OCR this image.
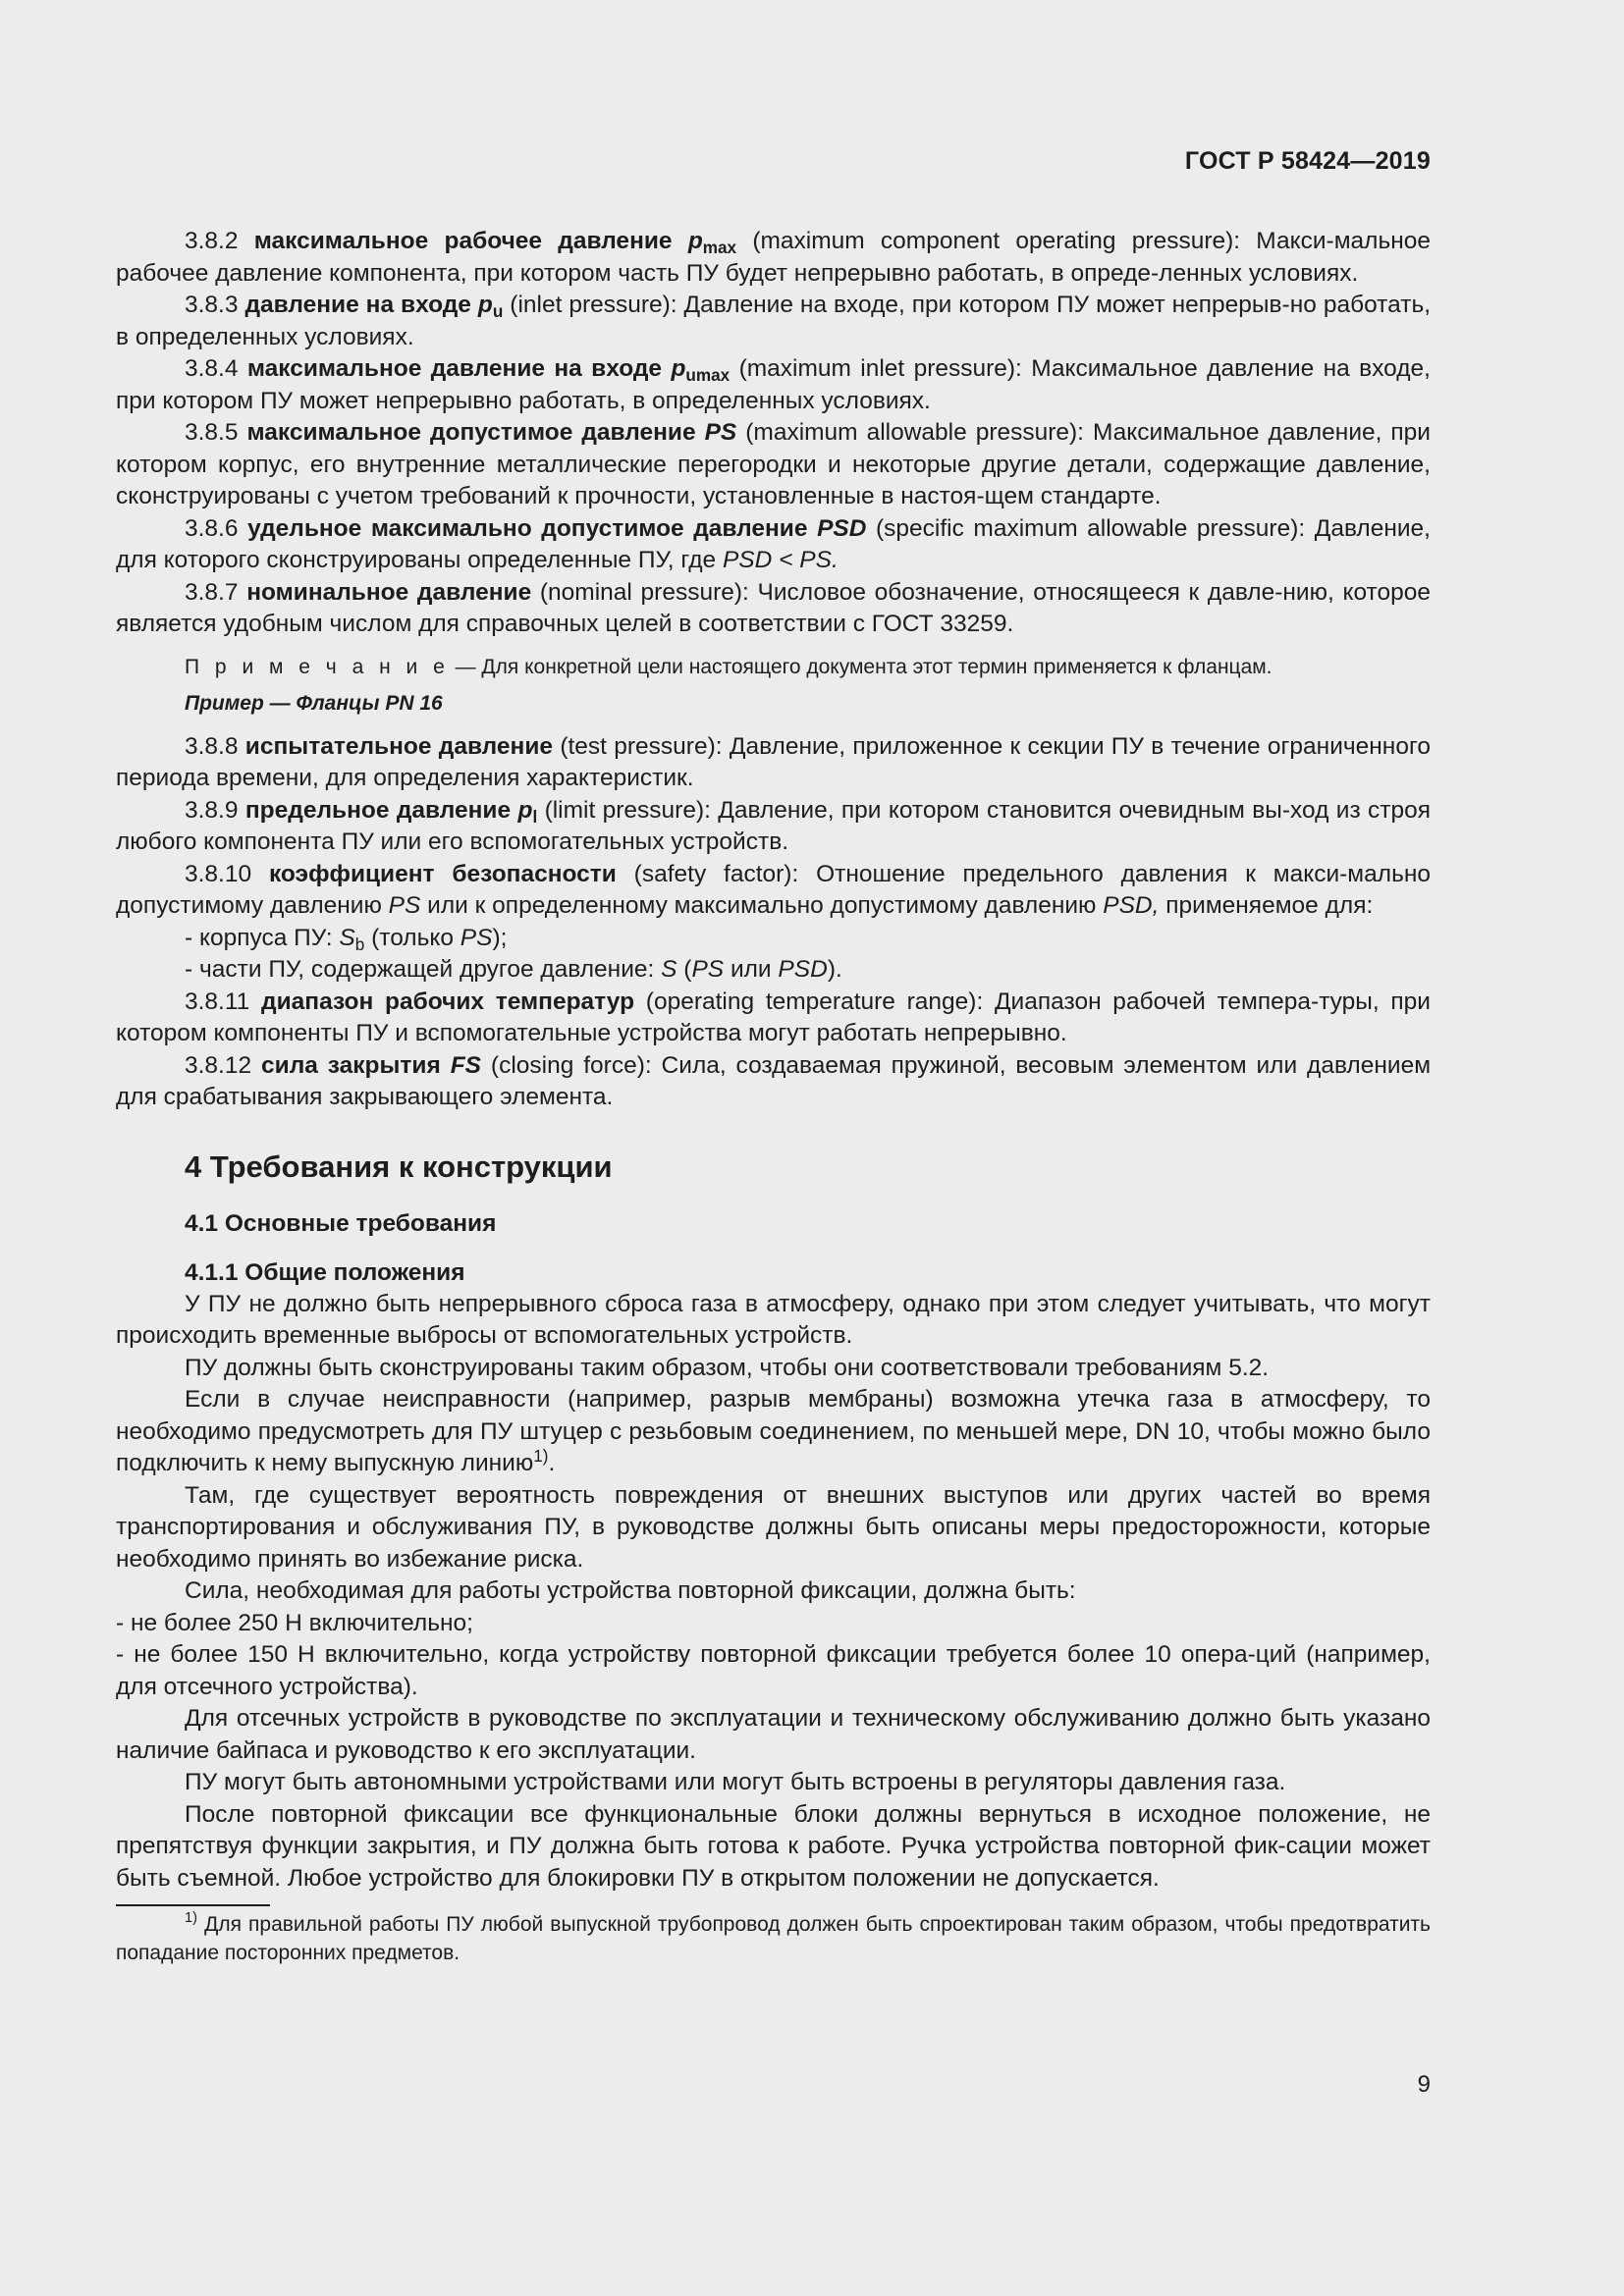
ГОСТ Р 58424—2019

3.8.2 максимальное рабочее давление $p_{max}$ (maximum component operating pressure): Макси-мальное рабочее давление компонента, при котором часть ПУ будет непрерывно работать, в опреде-ленных условиях.

3.8.3 давление на входе $p_u$ (inlet pressure): Давление на входе, при котором ПУ может непрерыв-но работать, в определенных условиях.

3.8.4 максимальное давление на входе $p_{umax}$ (maximum inlet pressure): Максимальное давление на входе, при котором ПУ может непрерывно работать, в определенных условиях.

3.8.5 максимальное допустимое давление PS (maximum allowable pressure): Максимальное давление, при котором корпус, его внутренние металлические перегородки и некоторые другие детали, содержащие давление, сконструированы с учетом требований к прочности, установленные в настоя-щем стандарте.

3.8.6 удельное максимально допустимое давление PSD (specific maximum allowable pressure): Давление, для которого сконструированы определенные ПУ, где PSD < PS.

3.8.7 номинальное давление (nominal pressure): Числовое обозначение, относящееся к давле-нию, которое является удобным числом для справочных целей в соответствии с ГОСТ 33259.

П р и м е ч а н и е — Для конкретной цели настоящего документа этот термин применяется к фланцам.
Пример — Фланцы PN 16

3.8.8 испытательное давление (test pressure): Давление, приложенное к секции ПУ в течение ограниченного периода времени, для определения характеристик.

3.8.9 предельное давление $p_l$ (limit pressure): Давление, при котором становится очевидным вы-ход из строя любого компонента ПУ или его вспомогательных устройств.

3.8.10 коэффициент безопасности (safety factor): Отношение предельного давления к макси-мально допустимому давлению PS или к определенному максимально допустимому давлению PSD, применяемое для:

- корпуса ПУ: $S_b$ (только PS);

- части ПУ, содержащей другое давление: S (PS или PSD).

3.8.11 диапазон рабочих температур (operating temperature range): Диапазон рабочей темпера-туры, при котором компоненты ПУ и вспомогательные устройства могут работать непрерывно.

3.8.12 сила закрытия FS (closing force): Сила, создаваемая пружиной, весовым элементом или давлением для срабатывания закрывающего элемента.

4 Требования к конструкции
4.1 Основные требования
4.1.1 Общие положения

У ПУ не должно быть непрерывного сброса газа в атмосферу, однако при этом следует учитывать, что могут происходить временные выбросы от вспомогательных устройств.

ПУ должны быть сконструированы таким образом, чтобы они соответствовали требованиям 5.2.

Если в случае неисправности (например, разрыв мембраны) возможна утечка газа в атмосферу, то необходимо предусмотреть для ПУ штуцер с резьбовым соединением, по меньшей мере, DN 10, чтобы можно было подключить к нему выпускную линию$^{1)}$.

Там, где существует вероятность повреждения от внешних выступов или других частей во время транспортирования и обслуживания ПУ, в руководстве должны быть описаны меры предосторожности, которые необходимо принять во избежание риска.

Сила, необходимая для работы устройства повторной фиксации, должна быть:

- не более 250 Н включительно;

- не более 150 Н включительно, когда устройству повторной фиксации требуется более 10 опера-ций (например, для отсечного устройства).

Для отсечных устройств в руководстве по эксплуатации и техническому обслуживанию должно быть указано наличие байпаса и руководство к его эксплуатации.

ПУ могут быть автономными устройствами или могут быть встроены в регуляторы давления газа.

После повторной фиксации все функциональные блоки должны вернуться в исходное положение, не препятствуя функции закрытия, и ПУ должна быть готова к работе. Ручка устройства повторной фик-сации может быть съемной. Любое устройство для блокировки ПУ в открытом положении не допускается.

$^{1)}$ Для правильной работы ПУ любой выпускной трубопровод должен быть спроектирован таким образом, чтобы предотвратить попадание посторонних предметов.
9
